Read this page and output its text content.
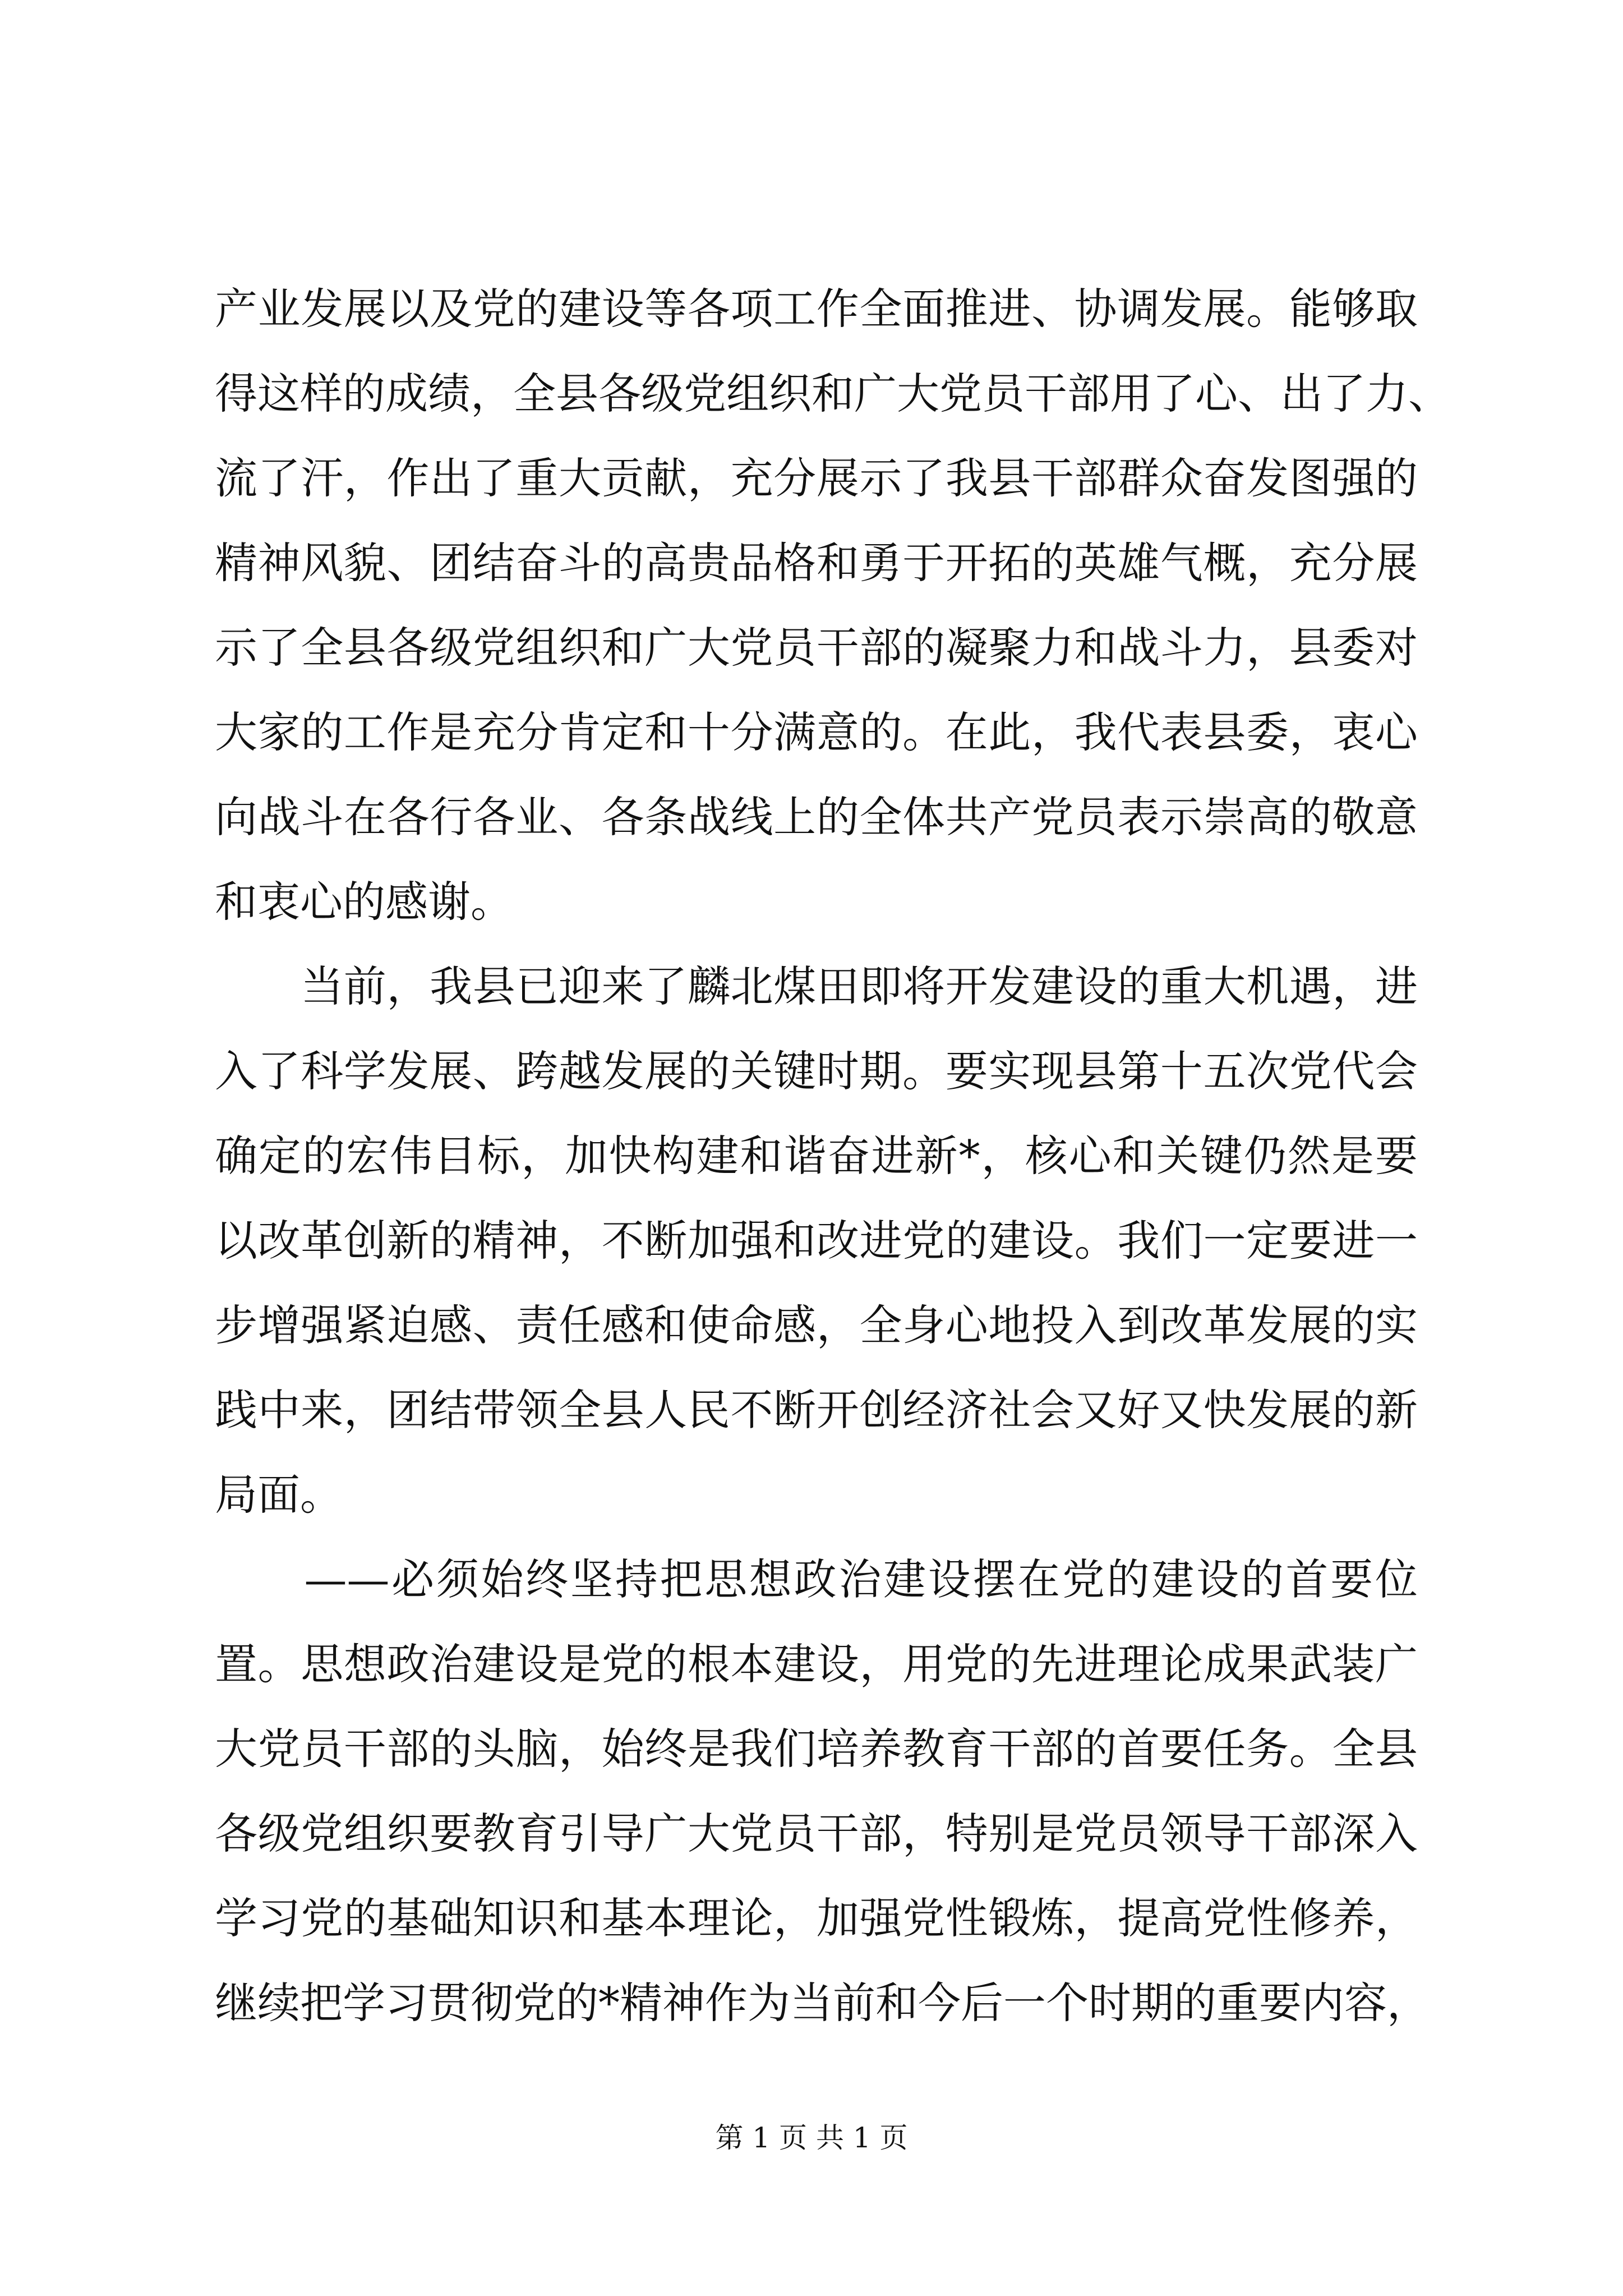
产业发展以及党的建设等各项工作全面推进、协调发展。能够取
得这样的成绩，全县各级党组织和广大党员干部用了心、出了力、
流了汗，作出了重大贡献，充分展示了我县干部群众奋发图强的
精神风貌、团结奋斗的高贵品格和勇于开拓的英雄气概，充分展
示了全县各级党组织和广大党员干部的凝聚力和战斗力，县委对
大家的工作是充分肯定和十分满意的。在此，我代表县委，衷心
向战斗在各行各业、各条战线上的全体共产党员表示崇高的敬意
和衷心的感谢。
　　当前，我县已迎来了麟北煤田即将开发建设的重大机遇，进
入了科学发展、跨越发展的关键时期。要实现县第十五次党代会
确定的宏伟目标，加快构建和谐奋进新*，核心和关键仍然是要
以改革创新的精神，不断加强和改进党的建设。我们一定要进一
步增强紧迫感、责任感和使命感，全身心地投入到改革发展的实
践中来，团结带领全县人民不断开创经济社会又好又快发展的新
局面。
　　——必须始终坚持把思想政治建设摆在党的建设的首要位
置。思想政治建设是党的根本建设，用党的先进理论成果武装广
大党员干部的头脑，始终是我们培养教育干部的首要任务。全县
各级党组织要教育引导广大党员干部，特别是党员领导干部深入
学习党的基础知识和基本理论，加强党性锻炼，提高党性修养，
继续把学习贯彻党的*精神作为当前和今后一个时期的重要内容，
第 1 页 共 1 页
